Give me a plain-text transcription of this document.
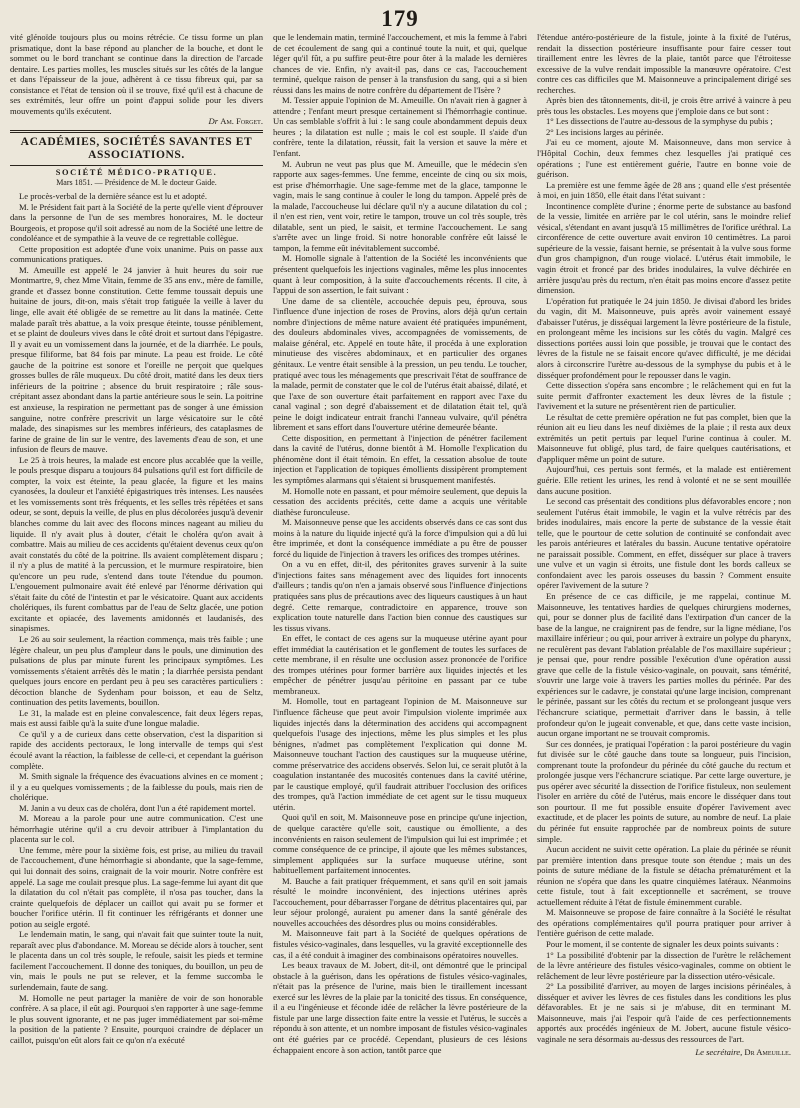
179

vité glénoïde toujours plus ou moins rétrécie. Ce tissu forme un plan prismatique, dont la base répond au plancher de la bouche, et dont le sommet ou le bord tranchant se continue dans la direction de l'arcade dentaire. Les parties molles, les muscles situés sur les côtés de la langue et dans l'épaisseur de la joue, adhèrent à ce tissu fibreux qui, par sa consistance et l'état de tension où il se trouve, fixé qu'il est à chacune de ses extrémités, leur offre un point d'appui solide pour les divers mouvements qu'ils exécutent.

Dr Am. Forget.

ACADÉMIES, SOCIÉTÉS SAVANTES ET ASSOCIATIONS.
SOCIÉTÉ MÉDICO-PRATIQUE.
Mars 1851. — Présidence de M. le docteur Gaide.

Le procès-verbal de la dernière séance est lu et adopté.

M. le Président fait part à la Société de la perte qu'elle vient d'éprouver dans la personne de l'un de ses membres honoraires, M. le docteur Bourgeois, et propose qu'il soit adressé au nom de la Société une lettre de condoléance et de sympathie à la veuve de ce regrettable collègue.

Cette proposition est adoptée d'une voix unanime. Puis on passe aux communications pratiques.

M. Ameuille est appelé le 24 janvier à huit heures du soir rue Montmartre, 9, chez Mme Vitain, femme de 35 ans env., mère de famille, grande et d'assez bonne constitution. Cette femme toussait depuis une huitaine de jours, dit-on, mais s'était trop fatiguée la veille à laver du linge, elle avait été obligée de se remettre au lit dans la matinée. Cette malade paraît très abattue, a la voix presque éteinte, tousse péniblement, et se plaint de douleurs vives dans le côté droit et surtout dans l'épigastre. Il y avait eu un vomissement dans la journée, et de la diarrhée. Le pouls, presque filiforme, bat 84 fois par minute. La peau est froide. Le côté gauche de la poitrine est sonore et l'oreille ne perçoit que quelques grosses bulles de râle muqueux. Du côté droit, matité dans les deux tiers inférieurs de la poitrine ; absence du bruit respiratoire ; râle sous-crépitant assez abondant dans la partie antérieure sous le sein. La poitrine est anxieuse, la respiration ne permettant pas de songer à une émission sanguine, notre confrère prescrivit un large vésicatoire sur le côté malade, des sinapismes sur les membres inférieurs, des cataplasmes de farine de graine de lin sur le ventre, des lavements d'eau de son, et une infusion de fleurs de mauve.

Le 25 à trois heures, la malade est encore plus accablée que la veille, le pouls presque disparu a toujours 84 pulsations qu'il est fort difficile de compter, la voix est éteinte, la peau glacée, la figure et les mains cyanosées, la douleur et l'anxiété épigastriques très intenses. Les nausées et les vomissements sont très fréquents, et les selles très répétées et sans odeur, se sont, depuis la veille, de plus en plus décolorées jusqu'à devenir blanches comme du lait avec des flocons minces nageant au milieu du liquide. Il n'y avait plus à douter, c'était le choléra qu'on avait à combattre. Mais au milieu de ces accidents qu'étaient devenus ceux qu'on avait constatés du côté de la poitrine. Ils avaient complètement disparu ; il n'y a plus de matité à la percussion, et le murmure respiratoire, bien qu'encore un peu rude, s'entend dans toute l'étendue du poumon. L'engouement pulmonaire avait été enlevé par l'énorme dérivation qui s'était faite du côté de l'intestin et par le vésicatoire. Quant aux accidents cholériques, ils furent combattus par de l'eau de Seltz glacée, une potion excitante et opiacée, des lavements amidonnés et laudanisés, des sinapismes.

Le 26 au soir seulement, la réaction commença, mais très faible ; une légère chaleur, un peu plus d'ampleur dans le pouls, une diminution des pulsations de plus par minute furent les principaux symptômes. Les vomissements s'étaient arrêtés dès le matin ; la diarrhée persista pendant quelques jours encore en perdant peu à peu ses caractères particuliers : décoction blanche de Sydenham pour boisson, et eau de Seltz, continuation des petits lavements, bouillon.

Le 31, la malade est en pleine convalescence, fait deux légers repas, mais est aussi faible qu'à la suite d'une longue maladie.

Ce qu'il y a de curieux dans cette observation, c'est la disparition si rapide des accidents pectoraux, le long intervalle de temps qui s'est écoulé avant la réaction, la faiblesse de celle-ci, et cependant la guérison complète.

M. Smith signale la fréquence des évacuations alvines en ce moment ; il y a eu quelques vomissements ; de la faiblesse du pouls, mais rien de cholérique.

M. Janin a vu deux cas de choléra, dont l'un a été rapidement mortel.

M. Moreau a la parole pour une autre communication. C'est une hémorrhagie utérine qu'il a cru devoir attribuer à l'implantation du placenta sur le col.

Une femme, mère pour la sixième fois, est prise, au milieu du travail de l'accouchement, d'une hémorrhagie si abondante, que la sage-femme, qui lui donnait des soins, craignait de la voir mourir. Notre confrère est appelé. La sage me coulait presque plus. La sage-femme lui ayant dit que la dilatation du col n'était pas complète, il n'osa pas toucher, dans la crainte quelquefois de déplacer un caillot qui avait pu se former et boucher l'orifice utérin. Il fit continuer les réfrigérants et donner une potion au seigle ergoté.

Le lendemain matin, le sang, qui n'avait fait que suinter toute la nuit, reparaît avec plus d'abondance. M. Moreau se décide alors à toucher, sent le placenta dans un col très souple, le refoule, saisit les pieds et termine facilement l'accouchement. Il donne des toniques, du bouillon, un peu de vin, mais le pouls ne put se relever, et la femme succomba le surlendemain, faute de sang.

M. Homolle ne peut partager la manière de voir de son honorable confrère. A sa place, il eût agi. Pourquoi s'en rapporter à une sage-femme le plus souvent ignorante, et ne pas juger immédiatement par soi-même la position de la patiente ? Ensuite, pourquoi craindre de déplacer un caillot, puisqu'on eût alors fait ce qu'on n'a exécuté

que le lendemain matin, terminé l'accouchement, et mis la femme à l'abri de cet écoulement de sang qui a continué toute la nuit, et qui, quelque léger qu'il fût, a pu suffire peut-être pour ôter à la malade les dernières chances de vie. Enfin, n'y avait-il pas, dans ce cas, l'accouchement terminé, quelque raison de penser à la transfusion du sang, qui a si bien réussi dans les mains de notre confrère du département de l'Isère ?

M. Tessier appuie l'opinion de M. Ameuille. On n'avait rien à gagner à attendre ; l'enfant meurt presque certainement si l'hémorrhagie continue. Un cas semblable s'offrit à lui : le sang coule abondamment depuis deux heures ; la dilatation est nulle ; mais le col est souple. Il s'aide d'un confrère, tente la dilatation, réussit, fait la version et sauve la mère et l'enfant.

M. Aubrun ne veut pas plus que M. Ameuille, que le médecin s'en rapporte aux sages-femmes. Une femme, enceinte de cinq ou six mois, est prise d'hémorrhagie. Une sage-femme met de la glace, tamponne le vagin, mais le sang continue à couler le long du tampon. Appelé près de la malade, l'accoucheuse lui déclare qu'il n'y a aucune dilatation du col ; il n'en est rien, vent voir, retire le tampon, trouve un col très souple, très dilatable, sent un pied, le saisit, et termine l'accouchement. Le sang s'arrête avec un linge froid. Si notre honorable confrère eût laissé le tampon, la femme eût inévitablement succombé.

M. Homolle signale à l'attention de la Société les inconvénients que présentent quelquefois les injections vaginales, même les plus innocentes quant à leur composition, à la suite d'accouchements récents. Il cite, à l'appui de son assertion, le fait suivant :

Une dame de sa clientèle, accouchée depuis peu, éprouva, sous l'influence d'une injection de roses de Provins, alors déjà qu'un certain nombre d'injections de même nature avaient été pratiquées impunément, des douleurs abdominales vives, accompagnées de vomissements, de malaise général, etc. Appelé en toute hâte, il procéda à une exploration minutieuse des viscères abdominaux, et en particulier des organes génitaux. Le ventre était sensible à la pression, un peu tendu. Le toucher, pratiqué avec tous les ménagements que prescrivait l'état de souffrance de la malade, permit de constater que le col de l'utérus était abaissé, dilaté, et que l'axe de son ouverture était parfaitement en rapport avec l'axe du canal vaginal ; son degré d'abaissement et de dilatation était tel, qu'à peine le doigt indicateur entrait franchi l'anneau vulvaire, qu'il pénétra librement et sans effort dans l'ouverture utérine demeurée béante.

Cette disposition, en permettant à l'injection de pénétrer facilement dans la cavité de l'utérus, donne bientôt à M. Homolle l'explication du phénomène dont il était témoin. En effet, la cessation absolue de toute injection et l'application de topiques émollients dissipèrent promptement les symptômes alarmans qui s'étaient si brusquement manifestés.

M. Homolle note en passant, et pour mémoire seulement, que depuis la cessation des accidents précités, cette dame a acquis une véritable diathèse furonculeuse.

M. Maisonneuve pense que les accidents observés dans ce cas sont dus moins à la nature du liquide injecté qu'à la force d'impulsion qui a dû lui être imprimée, et dont la conséquence immédiate a pu être de pousser forcé du liquide de l'injection à travers les orifices des trompes utérines.

On a vu en effet, dit-il, des péritonites graves survenir à la suite d'injections faites sans ménagement avec des liquides fort innocents d'ailleurs ; tandis qu'on n'en a jamais observé sous l'influence d'injections pratiquées sans plus de précautions avec des liqueurs caustiques à un haut degré. Cette remarque, contradictoire en apparence, trouve son explication toute naturelle dans l'action bien connue des caustiques sur les tissus vivans.

En effet, le contact de ces agens sur la muqueuse utérine ayant pour effet immédiat la cautérisation et le gonflement de toutes les surfaces de cette membrane, il en résulte une occlusion assez prononcée de l'orifice des trompes utérines pour former barrière aux liquides injectés et les empêcher de pénétrer jusqu'au péritoine en passant par ce tube membraneux.

M. Homolle, tout en partageant l'opinion de M. Maisonneuve sur l'influence fâcheuse que peut avoir l'impulsion violente imprimée aux liquides injectés dans la détermination des accidens qui accompagnent quelquefois l'usage des injections, même les plus simples et les plus bénignes, n'admet pas complètement l'explication qui donne M. Maisonneuve touchant l'action des caustiques sur la muqueuse utérine, comme préservatrice des accidens observés. Selon lui, ce serait plutôt à la coagulation instantanée des mucosités contenues dans la cavité utérine, par le caustique employé, qu'il faudrait attribuer l'occlusion des orifices des trompes, qu'à l'action immédiate de cet agent sur le tissu muqueux utérin.

Quoi qu'il en soit, M. Maisonneuve pose en principe qu'une injection, de quelque caractère qu'elle soit, caustique ou émolliente, a des inconvénients en raison seulement de l'impulsion qui lui est imprimée ; et comme conséquence de ce principe, il ajoute que les mêmes substances, simplement appliquées sur la surface muqueuse utérine, sont habituellement parfaitement innocentes.

M. Bauche a fait pratiquer fréquemment, et sans qu'il en soit jamais résulté le moindre inconvénient, des injections utérines après l'accouchement, pour débarrasser l'organe de détritus placentaires qui, par leur séjour prolongé, auraient pu amener dans la santé générale des nouvelles accouchées des désordres plus ou moins considérables.

M. Maisonneuve fait part à la Société de quelques opérations de fistules vésico-vaginales, dans lesquelles, vu la gravité exceptionnelle des cas, il a été conduit à imaginer des combinaisons opératoires nouvelles.

Les beaux travaux de M. Jobert, dit-il, ont démontré que le principal obstacle à la guérison, dans les opérations de fistules vésico-vaginales, n'était pas la présence de l'urine, mais bien le tiraillement incessant exercé sur les lèvres de la plaie par la tonicité des tissus. En conséquence, il a eu l'ingénieuse et féconde idée de relâcher la lèvre postérieure de la fistule par une large dissection faite entre la vessie et l'utérus, le succès a répondu à son attente, et un nombre imposant de fistules vésico-vaginales ont été guéries par ce procédé. Cependant, plusieurs de ces lésions échappaient encore à son action, tantôt parce que

l'étendue antéro-postérieure de la fistule, jointe à la fixité de l'utérus, rendait la dissection postérieure insuffisante pour faire cesser tout tiraillement entre les lèvres de la plaie, tantôt parce que l'étroitesse excessive de la vulve rendait impossible la manœuvre opératoire. C'est contre ces cas difficiles que M. Maisonneuve a principalement dirigé ses recherches.

Après bien des tâtonnements, dit-il, je crois être arrivé à vaincre à peu près tous les obstacles. Les moyens que j'emploie dans ce but sont :

1° Les dissections de l'autre au-dessous de la symphyse du pubis ;

2° Les incisions larges au périnée.

J'ai eu ce moment, ajoute M. Maisonneuve, dans mon service à l'Hôpital Cochin, deux femmes chez lesquelles j'ai pratiqué ces opérations ; l'une est entièrement guérie, l'autre en bonne voie de guérison.

La première est une femme âgée de 28 ans ; quand elle s'est présentée à moi, en juin 1850, elle était dans l'état suivant :

Incontinence complète d'urine ; énorme perte de substance au basfond de la vessie, limitée en arrière par le col utérin, sans le moindre relief vésical, s'étendant en avant jusqu'à 15 millimètres de l'orifice uréthral. La circonférence de cette ouverture avait environ 10 centimètres. La paroi supérieure de la vessie, faisant hernie, se présentait à la vulve sous forme d'un gros champignon, d'un rouge violacé. L'utérus était immobile, le vagin étroit et froncé par des brides inodulaires, la vulve déchirée en arrière jusqu'au près du rectum, n'en était pas moins encore d'assez petite dimension.

L'opération fut pratiquée le 24 juin 1850. Je divisai d'abord les brides du vagin, dit M. Maisonneuve, puis après avoir vainement essayé d'abaisser l'utérus, je disséquai largement la lèvre postérieure de la fistule, en prolongeant même les incisions sur les côtés du vagin. Malgré ces dissections portées aussi loin que possible, je trouvai que le contact des lèvres de la fistule ne se faisait encore qu'avec difficulté, je me décidai alors à circonscrire l'urètre au-dessous de la symphyse du pubis et à le disséquer profondément pour le repousser dans le vagin.

Cette dissection s'opéra sans encombre ; le relâchement qui en fut la suite permit d'affronter exactement les deux lèvres de la fistule ; l'avivement et la suture ne présentèrent rien de particulier.

Le résultat de cette première opération ne fut pas complet, bien que la réunion ait eu lieu dans les neuf dixièmes de la plaie ; il resta aux deux extrémités un petit pertuis par lequel l'urine continua à couler. M. Maisonneuve fut obligé, plus tard, de faire quelques cautérisations, et d'appliquer même un point de suture.

Aujourd'hui, ces pertuis sont fermés, et la malade est entièrement guérie. Elle retient les urines, les rend à volonté et ne se sent mouillée dans aucune position.

Le second cas présentait des conditions plus défavorables encore ; non seulement l'utérus était immobile, le vagin et la vulve rétrécis par des brides inodulaires, mais encore la perte de substance de la vessie était telle, que le pourtour de cette solution de continuité se confondait avec les parois antérieures et latérales du bassin. Aucune tentative opératoire ne paraissait possible. Comment, en effet, disséquer sur place à travers une vulve et un vagin si étroits, une fistule dont les bords calleux se confondaient avec les parois osseuses du bassin ? Comment ensuite opérer l'avivement de la suture ?

En présence de ce cas difficile, je me rappelai, continue M. Maisonneuve, les tentatives hardies de quelques chirurgiens modernes, qui, pour se donner plus de facilité dans l'extirpation d'un cancer de la base de la langue, ne craignirent pas de fendre, sur la ligne médiane, l'os maxillaire inférieur ; ou qui, pour arriver à extraire un polype du pharynx, ne reculèrent pas devant l'ablation préalable de l'os maxillaire supérieur ; je pensai que, pour rendre possible l'exécution d'une opération aussi grave que celle de la fistule vésico-vaginale, on pouvait, sans témérité, s'ouvrir une large voie à travers les parties molles du périnée. Par des expériences sur le cadavre, je constatai qu'une large incision, comprenant le périnée, passant sur les côtés du rectum et se prolongeant jusque vers l'échancrure sciatique, permettait d'arriver dans le bassin, à telle profondeur qu'on le jugeait convenable, et que, dans cette vaste incision, aucun organe important ne se trouvait compromis.

Sur ces données, je pratiquai l'opération : la paroi postérieure du vagin fut divisée sur le côté gauche dans toute sa longueur, puis l'incision, comprenant toute la profondeur du périnée du côté gauche du rectum et prolongée jusque vers l'échancrure sciatique. Par cette large ouverture, je pus opérer avec sécurité la dissection de l'orifice fistuleux, non seulement l'isoler en arrière du côté de l'utérus, mais encore le disséquer dans tout son pourtour. Il me fut possible ensuite d'opérer l'avivement avec exactitude, et de placer les points de suture, au nombre de neuf. La plaie du périnée fut ensuite rapprochée par de nombreux points de suture simple.

Aucun accident ne suivit cette opération. La plaie du périnée se réunit par première intention dans presque toute son étendue ; mais un des points de suture médiane de la fistule se détacha prématurément et la réunion ne s'opéra que dans les quatre cinquièmes latéraux. Néanmoins cette fistule, tout à fait exceptionnelle et sacrément, se trouve actuellement réduite à l'état de fistule éminemment curable.

M. Maisonneuve se propose de faire connaître à la Société le résultat des opérations complémentaires qu'il pourra pratiquer pour arriver à l'entière guérison de cette malade.

Pour le moment, il se contente de signaler les deux points suivants :

1° La possibilité d'obtenir par la dissection de l'urètre le relâchement de la lèvre antérieure des fistules vésico-vaginales, comme on obtient le relâchement de leur lèvre postérieure par la dissection utéro-vésicale.

2° La possibilité d'arriver, au moyen de larges incisions périnéales, à disséquer et aviver les lèvres de ces fistules dans les conditions les plus défavorables. Et je ne sais si je m'abuse, dit en terminant M. Maisonneuve, mais j'ai l'espoir qu'à l'aide de ces perfectionnements apportés aux procédés ingénieux de M. Jobert, aucune fistule vésico-vaginale ne sera désormais au-dessus des ressources de l'art.

Le secrétaire, Dr Ameuille.
